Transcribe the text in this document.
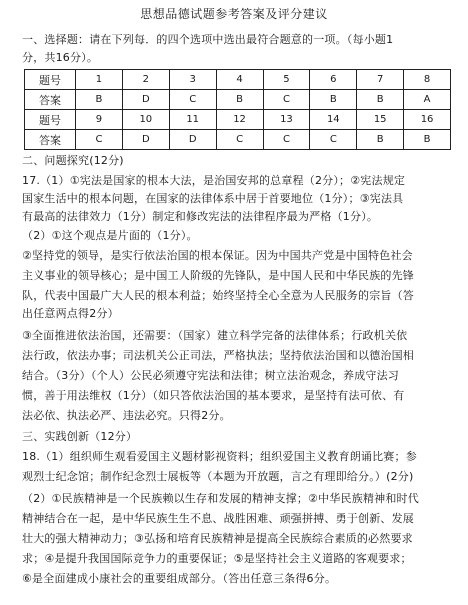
思想品德试题参考答案及评分建议
一、选择题：请在下列每．的四个选项中选出最符合题意的一项。（每小题1
分，共16分）。
题号	1	2	3	4	5	6	7	8
答案	B	D	C	B	C	B	B	A
题号	9	10	11	12	13	14	15	16
答案	C	D	D	C	C	C	B	B
二、问题探究(12分)
17.（1）①宪法是国家的根本大法，是治国安邦的总章程（2分）；②宪法规定
国家生活中的根本问题，在国家的法律体系中居于首要地位（1分）；③宪法具
有最高的法律效力（1分）制定和修改宪法的法律程序最为严格（1分）。
（2）①这个观点是片面的（1分）。
②坚持党的领导，是实行依法治国的根本保证。因为中国共产党是中国特色社会
主义事业的领导核心；是中国工人阶级的先锋队，是中国人民和中华民族的先锋
队，代表中国最广大人民的根本利益；始终坚持全心全意为人民服务的宗旨（答
出任意两点得2分）
③全面推进依法治国，还需要：（国家）建立科学完备的法律体系；行政机关依
法行政，依法办事；司法机关公正司法，严格执法；坚持依法治国和以德治国相
结合。（3分）（个人）公民必须遵守宪法和法律；树立法治观念，养成守法习
惯，善于用法维权（1分）（如只答依法治国的基本要求，是坚持有法可依、有
法必依、执法必严、违法必究。只得2分。
三、实践创新（12分）
18.（1）组织师生观看爱国主义题材影视资料；组织爱国主义教育朗诵比赛；参
观烈士纪念馆；制作纪念烈士展板等（本题为开放题，言之有理即给分。）(2分)
（2）①民族精神是一个民族赖以生存和发展的精神支撑；②中华民族精神和时代
精神结合在一起，是中华民族生生不息、战胜困难、顽强拼搏、勇于创新、发展
壮大的强大精神动力；③弘扬和培育民族精神是提高全民族综合素质的必然要求
求；④是提升我国国际竞争力的重要保证；⑤是坚持社会主义道路的客观要求；
⑥是全面建成小康社会的重要组成部分。（答出任意三条得6分。
